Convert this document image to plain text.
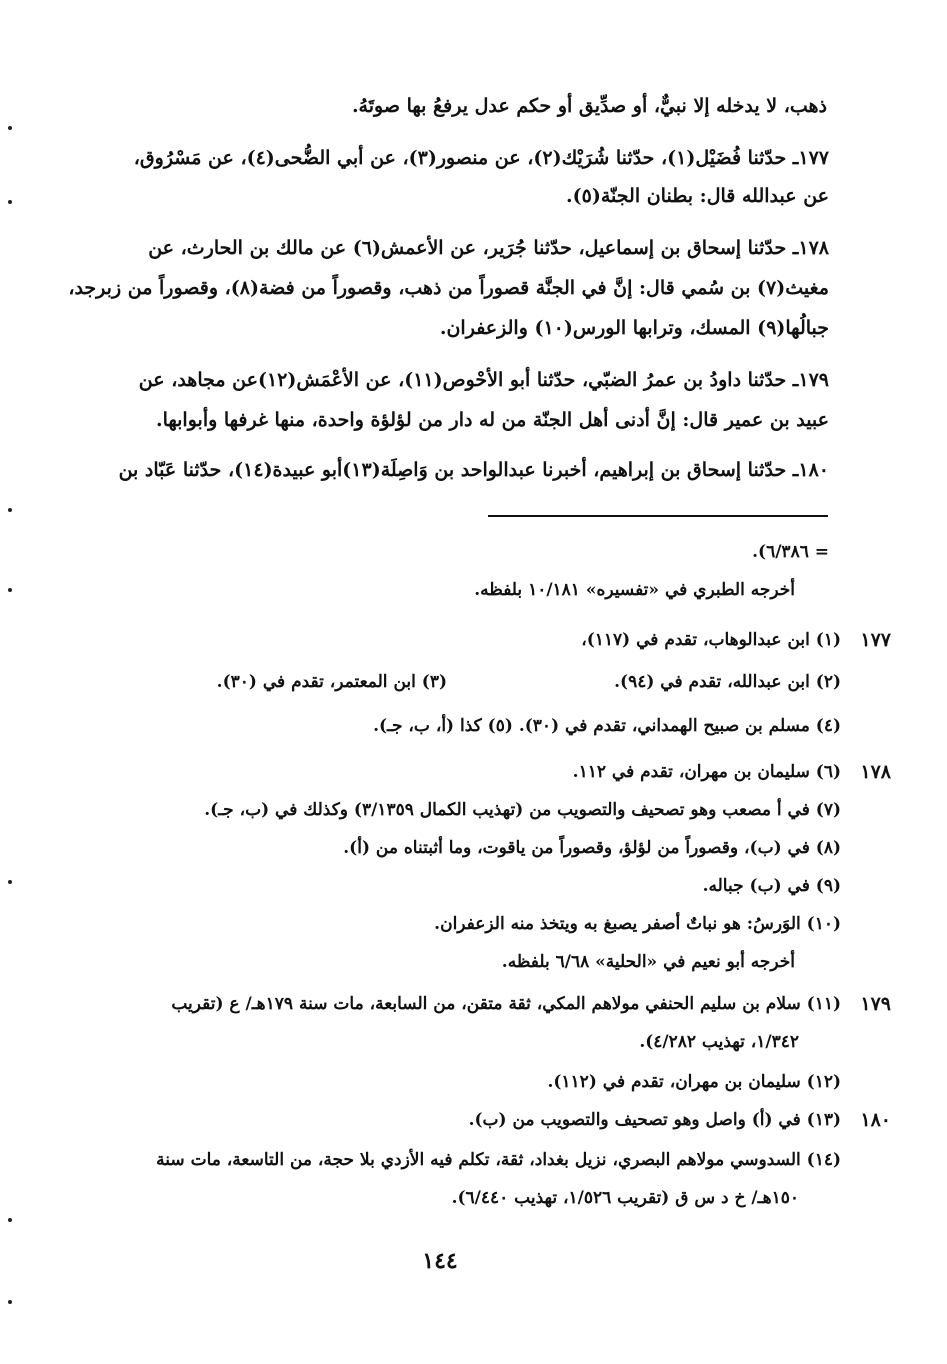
ذهب، لا يدخله إلا نبيٌّ، أو صدِّيق أو حكم عدل يرفعُ بها صوتَهُ.
١٧٧ـ حدّثنا فُضَيْل(١)، حدّثنا شُرَيْك(٢)، عن منصور(٣)، عن أبي الضُّحى(٤)، عن مَسْرُوق،
عن عبدالله قال: بطنان الجنّة(٥).
١٧٨ـ حدّثنا إسحاق بن إسماعيل، حدّثنا جُرَير، عن الأعمش(٦) عن مالك بن الحارث، عن
مغيث(٧) بن سُمي قال: إنَّ في الجنَّة قصوراً من ذهب، وقصوراً من فضة(٨)، وقصوراً من زبرجد،
جبالُها(٩) المسك، وترابها الورس(١٠) والزعفران.
١٧٩ـ حدّثنا داودُ بن عمرُ الضبّي، حدّثنا أبو الأحْوص(١١)، عن الأعْمَش(١٢)عن مجاهد، عن
عبيد بن عمير قال: إنَّ أدنى أهل الجنّة من له دار من لؤلؤة واحدة، منها غرفها وأبوابها.
١٨٠ـ حدّثنا إسحاق بن إبراهيم، أخبرنا عبدالواحد بن وَاصِلَة(١٣)أبو عبيدة(١٤)، حدّثنا عَبّاد بن
= ٦/٣٨٦).
أخرجه الطبري في «تفسيره» ١٠/١٨١ بلفظه.
١٧٧
(١) ابن عبدالوهاب، تقدم في (١١٧)،
(٢) ابن عبدالله، تقدم في (٩٤).
(٣) ابن المعتمر، تقدم في (٣٠).
(٤) مسلم بن صبيح الهمداني، تقدم في (٣٠). (٥) كذا (أ، ب، جـ).
١٧٨
(٦) سليمان بن مهران، تقدم في ١١٢.
(٧) في أ مصعب وهو تصحيف والتصويب من (تهذيب الكمال ٣/١٣٥٩) وكذلك في (ب، جـ).
(٨) في (ب)، وقصوراً من لؤلؤ، وقصوراً من ياقوت، وما أثبتناه من (أ).
(٩) في (ب) جباله.
(١٠) الوَرسُ: هو نباتٌ أصفر يصبغ به ويتخذ منه الزعفران.
أخرجه أبو نعيم في «الحلية» ٦/٦٨ بلفظه.
١٧٩
(١١) سلام بن سليم الحنفي مولاهم المكي، ثقة متقن، من السابعة، مات سنة ١٧٩هـ/ ع (تقريب
١/٣٤٢، تهذيب ٤/٢٨٢).
(١٢) سليمان بن مهران، تقدم في (١١٢).
١٨٠
(١٣) في (أ) واصل وهو تصحيف والتصويب من (ب).
(١٤) السدوسي مولاهم البصري، نزيل بغداد، ثقة، تكلم فيه الأزدي بلا حجة، من التاسعة، مات سنة
١٥٠هـ/ خ د س ق (تقريب ١/٥٢٦، تهذيب ٦/٤٤٠).
١٤٤
